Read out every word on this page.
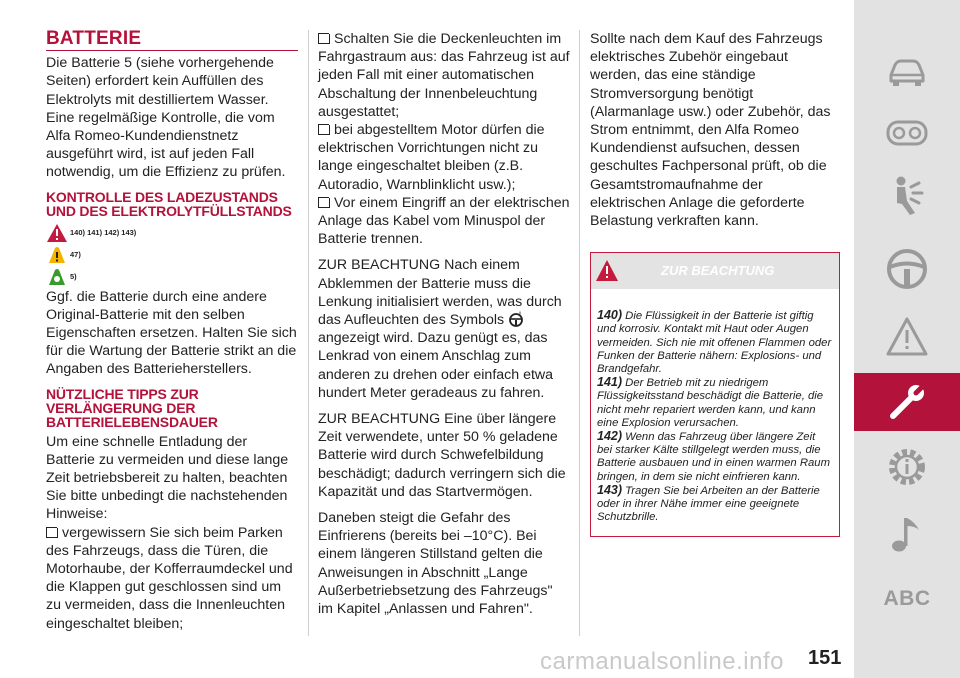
BATTERIE

Die Batterie 5 (siehe vorhergehende Seiten) erfordert kein Auffüllen des Elektrolyts mit destilliertem Wasser. Eine regelmäßige Kontrolle, die vom Alfa Romeo-Kundendienstnetz ausgeführt wird, ist auf jeden Fall notwendig, um die Effizienz zu prüfen.

KONTROLLE DES LADEZUSTANDS UND DES ELEKTROLYTFÜLLSTANDS
140) 141) 142) 143)
47)
5)

Ggf. die Batterie durch eine andere Original-Batterie mit den selben Eigenschaften ersetzen. Halten Sie sich für die Wartung der Batterie strikt an die Angaben des Batterieherstellers.

NÜTZLICHE TIPPS ZUR VERLÄNGERUNG DER BATTERIELEBENSDAUER

Um eine schnelle Entladung der Batterie zu vermeiden und diese lange Zeit betriebsbereit zu halten, beachten Sie bitte unbedingt die nachstehenden Hinweise:

vergewissern Sie sich beim Parken des Fahrzeugs, dass die Türen, die Motorhaube, der Kofferraumdeckel und die Klappen gut geschlossen sind um zu vermeiden, dass die Innenleuchten eingeschaltet bleiben;
Schalten Sie die Deckenleuchten im Fahrgastraum aus: das Fahrzeug ist auf jeden Fall mit einer automatischen Abschaltung der Innenbeleuchtung ausgestattet;
bei abgestelltem Motor dürfen die elektrischen Vorrichtungen nicht zu lange eingeschaltet bleiben (z.B. Autoradio, Warnblinklicht usw.);
Vor einem Eingriff an der elektrischen Anlage das Kabel vom Minuspol der Batterie trennen.

ZUR BEACHTUNG Nach einem Abklemmen der Batterie muss die Lenkung initialisiert werden, was durch das Aufleuchten des Symbols !
angezeigt wird. Dazu genügt es, das Lenkrad von einem Anschlag zum anderen zu drehen oder einfach etwa hundert Meter geradeaus zu fahren.

ZUR BEACHTUNG Eine über längere Zeit verwendete, unter 50 % geladene Batterie wird durch Schwefelbildung beschädigt; dadurch verringern sich die Kapazität und das Startvermögen.

Daneben steigt die Gefahr des Einfrierens (bereits bei –10°C). Bei einem längeren Stillstand gelten die Anweisungen in Abschnitt „Lange Außerbetriebsetzung des Fahrzeugs" im Kapitel „Anlassen und Fahren".

Sollte nach dem Kauf des Fahrzeugs elektrisches Zubehör eingebaut werden, das eine ständige Stromversorgung benötigt (Alarmanlage usw.) oder Zubehör, das Strom entnimmt, den Alfa Romeo Kundendienst aufsuchen, dessen geschultes Fachpersonal prüft, ob die Gesamtstromaufnahme der elektrischen Anlage die geforderte Belastung verkraften kann.

ZUR BEACHTUNG
140) Die Flüssigkeit in der Batterie ist giftig und korrosiv. Kontakt mit Haut oder Augen vermeiden. Sich nie mit offenen Flammen oder Funken der Batterie nähern: Explosions- und Brandgefahr.
141) Der Betrieb mit zu niedrigem Flüssigkeitsstand beschädigt die Batterie, die nicht mehr repariert werden kann, und kann eine Explosion verursachen.
142) Wenn das Fahrzeug über längere Zeit bei starker Kälte stillgelegt werden muss, die Batterie ausbauen und in einen warmen Raum bringen, in dem sie nicht einfrieren kann.
143) Tragen Sie bei Arbeiten an der Batterie oder in ihrer Nähe immer eine geeignete Schutzbrille.
ABC
carmanualsonline.info 151
